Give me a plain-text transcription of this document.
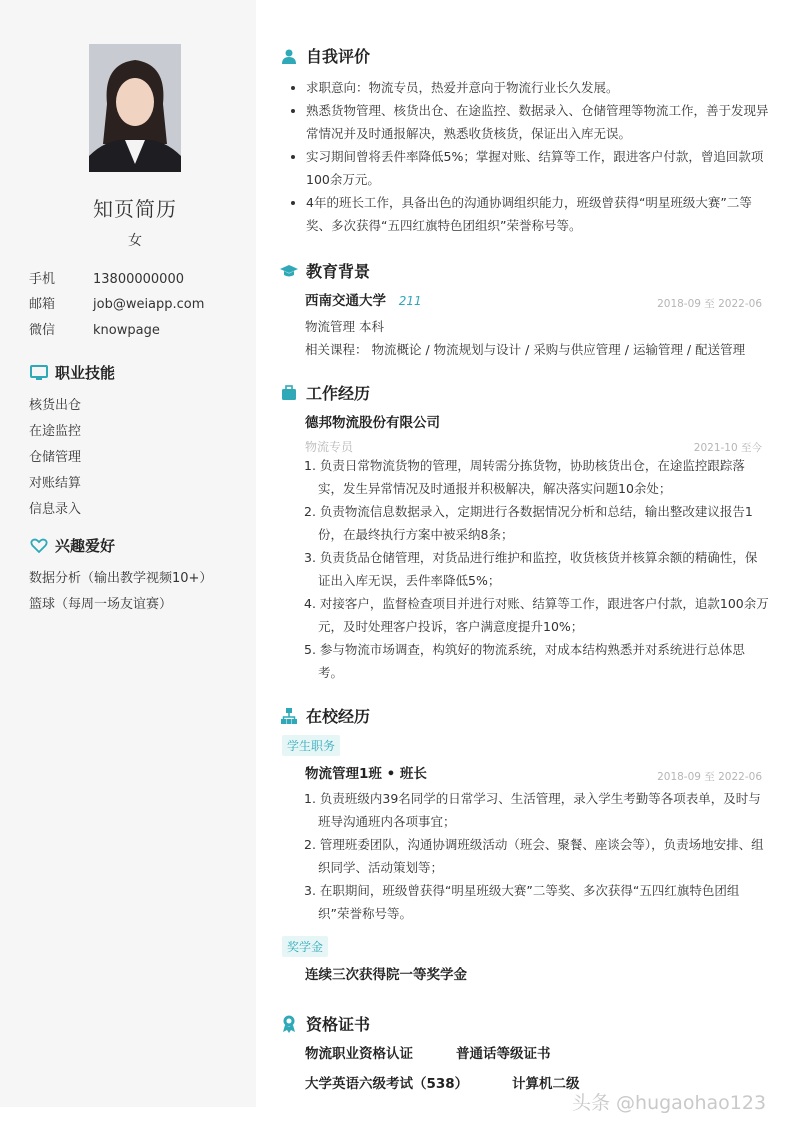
知页简历
女
手机	13800000000
邮箱	job@weiapp.com
微信	knowpage
职业技能
核货出仓
在途监控
仓储管理
对账结算
信息录入
兴趣爱好
数据分析（输出教学视频10+）
篮球（每周一场友谊赛）
自我评价
• 求职意向：物流专员，热爱并意向于物流行业长久发展。
• 熟悉货物管理、核货出仓、在途监控、数据录入、仓储管理等物流工作，善于发现异常情况并及时通报解决，熟悉收货核货，保证出入库无误。
• 实习期间曾将丢件率降低5%；掌握对账、结算等工作，跟进客户付款，曾追回款项100余万元。
• 4年的班长工作，具备出色的沟通协调组织能力，班级曾获得“明星班级大赛”二等奖、多次获得“五四红旗特色团组织”荣誉称号等。
教育背景
西南交通大学 211	2018-09 至 2022-06
物流管理 本科
相关课程： 物流概论 / 物流规划与设计 / 采购与供应管理 / 运输管理 / 配送管理
工作经历
德邦物流股份有限公司
物流专员	2021-10 至今
1. 负责日常物流货物的管理，周转需分拣货物，协助核货出仓，在途监控跟踪落实，发生异常情况及时通报并积极解决，解决落实问题10余处；
2. 负责物流信息数据录入，定期进行各数据情况分析和总结，输出整改建议报告1份，在最终执行方案中被采纳8条；
3. 负责货品仓储管理，对货品进行维护和监控，收货核货并核算余额的精确性，保证出入库无误，丢件率降低5%；
4. 对接客户，监督检查项目并进行对账、结算等工作，跟进客户付款，追款100余万元，及时处理客户投诉，客户满意度提升10%；
5. 参与物流市场调查，构筑好的物流系统，对成本结构熟悉并对系统进行总体思考。
在校经历
学生职务
物流管理1班 • 班长	2018-09 至 2022-06
1. 负责班级内39名同学的日常学习、生活管理，录入学生考勤等各项表单，及时与班导沟通班内各项事宜；
2. 管理班委团队，沟通协调班级活动（班会、聚餐、座谈会等），负责场地安排、组织同学、活动策划等；
3. 在职期间，班级曾获得“明星班级大赛”二等奖、多次获得“五四红旗特色团组织”荣誉称号等。
奖学金
连续三次获得院一等奖学金
资格证书
物流职业资格认证	普通话等级证书
大学英语六级考试（538）	计算机二级
头条 @hugaohao123
